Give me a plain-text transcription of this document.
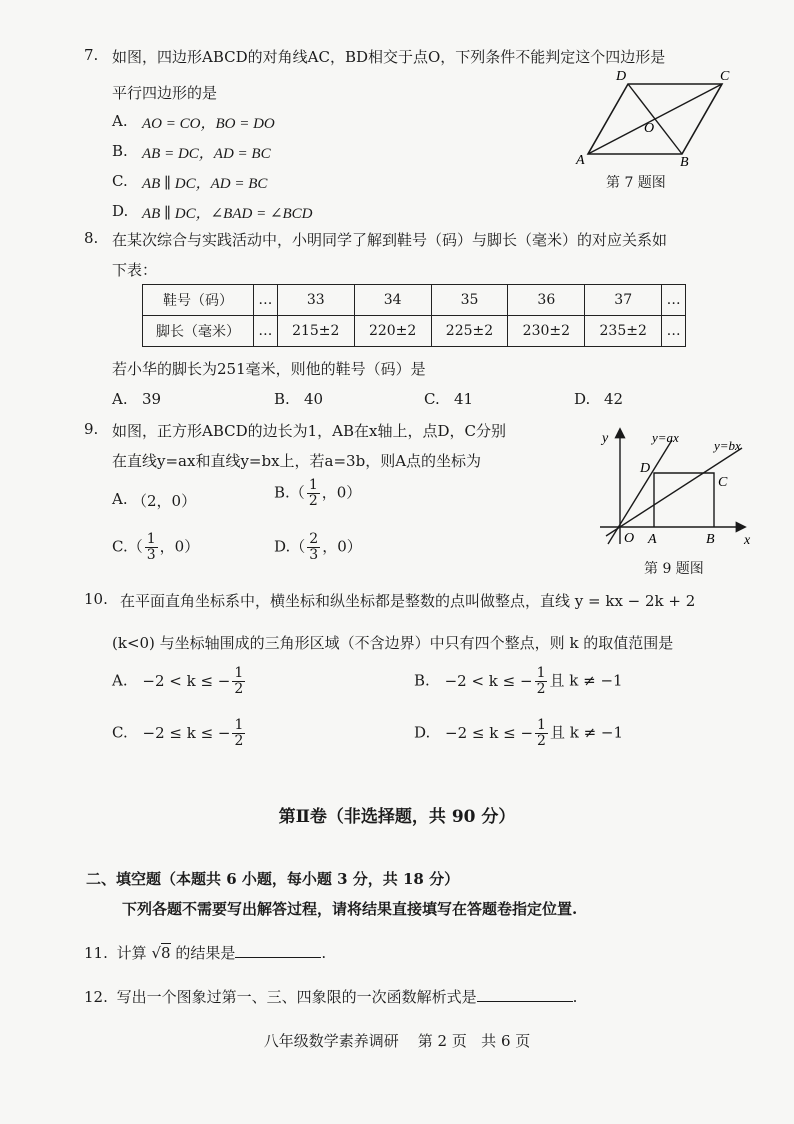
7. 如图，四边形ABCD的对角线AC，BD相交于点O，下列条件不能判定这个四边形是
平行四边形的是
A. AO = CO，BO = DO
B. AB = DC，AD = BC
C. AB ∥ DC，AD = BC
D. AB ∥ DC，∠BAD = ∠BCD
A	B
C
D
O
第 7 题图
8. 在某次综合与实践活动中，小明同学了解到鞋号（码）与脚长（毫米）的对应关系如
下表：
鞋号（码）	…	33	34	35	36	37	…
脚长（毫米）	…	215±2	220±2	225±2	230±2	235±2	…
若小华的脚长为251毫米，则他的鞋号（码）是
A. 39	B. 40	C. 41	D. 42
9. 如图，正方形ABCD的边长为1，AB在x轴上，点D，C分别
在直线y=ax和直线y=bx上，若a=3b，则A点的坐标为
A. （2，0）	$B.( \frac{1}{2}$ ，0）
$C.( \frac{1}{3}$ ，0）	$D.( \frac{2}{3}$ ，0）
y
x
y=ax
y=bx
O A	B
C
D
第 9 题图
10. 在平面直角坐标系中，横坐标和纵坐标都是整数的点叫做整点，直线 y = kx − 2k + 2
(k<0) 与坐标轴围成的三角形区域（不含边界）中只有四个整点，则 k 的取值范围是
A. −2 < k ≤ − $\frac{1}{2}$	B. −2 < k ≤ − $\frac{1}{2}$ 且 k ≠ −1
C. −2 ≤ k ≤ − $\frac{1}{2}$	D. −2 ≤ k ≤ − $\frac{1}{2}$ 且 k ≠ −1
第Ⅱ卷（非选择题，共 90 分）
二、填空题（本题共 6 小题，每小题 3 分，共 18 分）
下列各题不需要写出解答过程，请将结果直接填写在答题卷指定位置.
11. 计算 √8 的结果是	.
12. 写出一个图象过第一、三、四象限的一次函数解析式是	.
八年级数学素养调研    第 2 页   共 6 页
